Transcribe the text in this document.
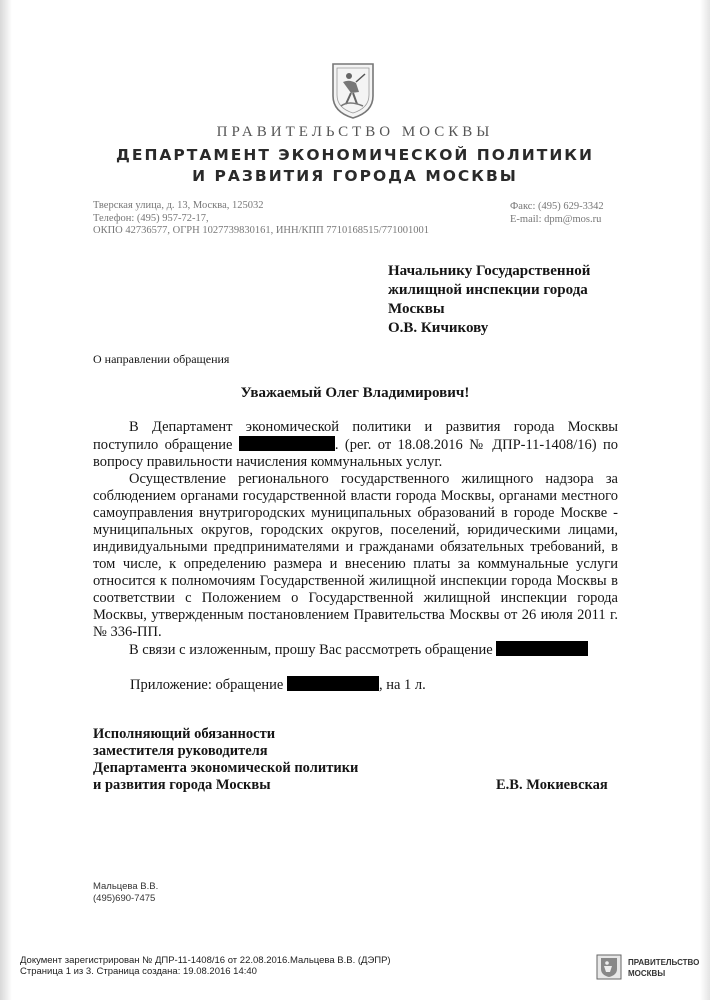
ПРАВИТЕЛЬСТВО МОСКВЫ
ДЕПАРТАМЕНТ ЭКОНОМИЧЕСКОЙ ПОЛИТИКИ
И РАЗВИТИЯ ГОРОДА МОСКВЫ
Тверская улица, д. 13, Москва, 125032
Телефон: (495) 957-72-17,
ОКПО 42736577, ОГРН 1027739830161, ИНН/КПП 7710168515/771001001
Факс: (495) 629-3342
E-mail: dpm@mos.ru
Начальнику Государственной
жилищной инспекции города
Москвы
О.В. Кичикову
О направлении обращения
Уважаемый Олег Владимирович!

В Департамент экономической политики и развития города Москвы поступило обращение	. (рег. от 18.08.2016 № ДПР-11-1408/16) по вопросу правильности начисления коммунальных услуг.

Осуществление регионального государственного жилищного надзора за соблюдением органами государственной власти города Москвы, органами местного самоуправления внутригородских муниципальных образований в городе Москве - муниципальных округов, городских округов, поселений, юридическими лицами, индивидуальными предпринимателями и гражданами обязательных требований, в том числе, к определению размера и внесению платы за коммунальные услуги относится к полномочиям Государственной жилищной инспекции города Москвы в соответствии с Положением о Государственной жилищной инспекции города Москвы, утвержденным постановлением Правительства Москвы от 26 июля 2011 г. № 336-ПП.

В связи с изложенным, прошу Вас рассмотреть обращение

Приложение: обращение	, на 1 л.
Исполняющий обязанности
заместителя руководителя
Департамента экономической политики
и развития города Москвы	Е.В. Мокиевская
Мальцева В.В.
(495)690-7475
Документ зарегистрирован № ДПР-11-1408/16 от 22.08.2016.Мальцева В.В. (ДЭПР)
Страница 1 из 3. Страница создана: 19.08.2016 14:40
ПРАВИТЕЛЬСТВО
МОСКВЫ
